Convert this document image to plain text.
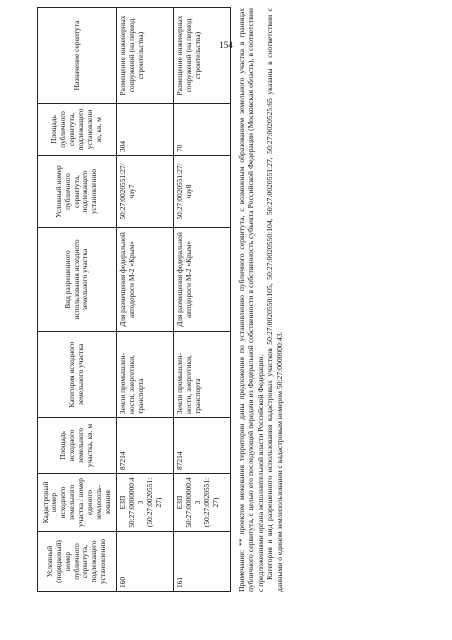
154
Условный (порядковый) номер публичного сервитута, подлежащего установлению	Кадастровый номер исходного земельного участка / номер единого землеполь-зования	Площадь исходного земельного участка, кв. м	Категория исходного земельного участка	Вид разрешенного использования исходного земельного участка	Условный номер публичного сервитута, подлежащего установлению	Площадь публичного сервитута, подлежащего установлению, кв. м	Назначение сервитута
160	ЕЗП 50:27:0000000:43 (50:27:0020551:27)	87214	Земли промышлен-ности, энергетики, транспорта	Для размещения федеральной автодороги М-2 «Крым»	50:27:0020551:27/чзу7	304	Размещение инженерных сооружений (на период строительства)
161	ЕЗП 50:27:0000000:43 (50:27:0020551:27)	87214	Земли промышлен-ности, энергетики, транспорта	Для размещения федеральной автодороги М-2 «Крым»	50:27:0020551:27/чзу8	70	Размещение инженерных сооружений (на период строительства)	Примечание: ** проектом межевания территории даны предложения по установлению публичного сервитута, с возможным образованием земельного участка в границах публичного сервитута, с целью его последующей передачи из Федеральной собственности в собственность субъекта Российской Федерации (Московская область), в соответствии с предложениями органа исполнительной власти Российской Федерации. Категория и вид разрешенного использования кадастровых участков 50:27:0020550:105, 50:27:0020550:104, 50:27:0020551:27, 50:27:0020525:65 указаны в соответствии с данными о едином землепользовании с кадастровым номером 50:27:0000000:43.
